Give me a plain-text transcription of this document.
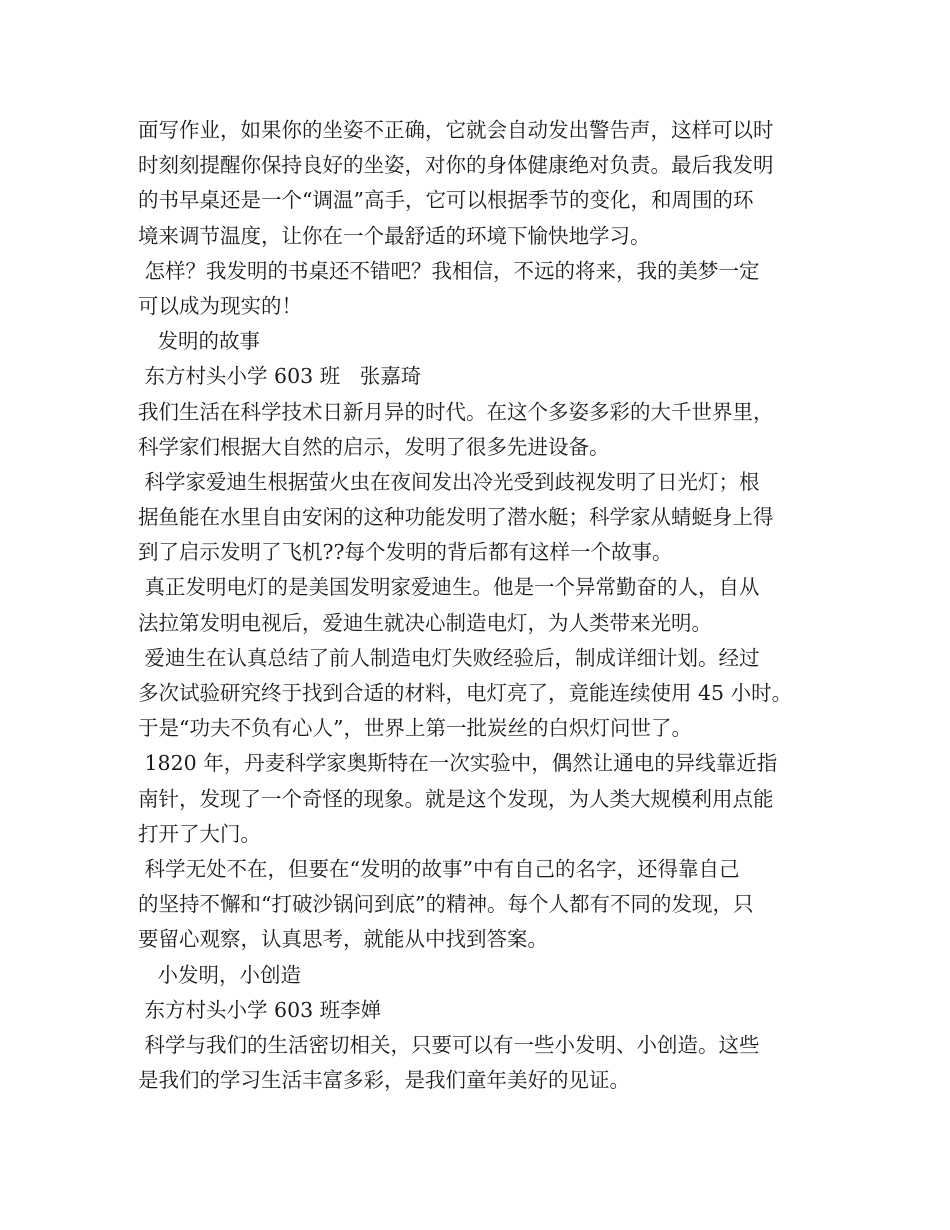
面写作业，如果你的坐姿不正确，它就会自动发出警告声，这样可以时
时刻刻提醒你保持良好的坐姿，对你的身体健康绝对负责。最后我发明
的书早桌还是一个“调温”高手，它可以根据季节的变化，和周围的环
境来调节温度，让你在一个最舒适的环境下愉快地学习。
怎样？我发明的书桌还不错吧？我相信，不远的将来，我的美梦一定
可以成为现实的！
发明的故事
东方村头小学 603 班   张嘉琦
我们生活在科学技术日新月异的时代。在这个多姿多彩的大千世界里，
科学家们根据大自然的启示，发明了很多先进设备。
科学家爱迪生根据萤火虫在夜间发出冷光受到歧视发明了日光灯；根
据鱼能在水里自由安闲的这种功能发明了潜水艇；科学家从蜻蜓身上得
到了启示发明了飞机??每个发明的背后都有这样一个故事。
真正发明电灯的是美国发明家爱迪生。他是一个异常勤奋的人，自从
法拉第发明电视后，爱迪生就决心制造电灯，为人类带来光明。
爱迪生在认真总结了前人制造电灯失败经验后，制成详细计划。经过
多次试验研究终于找到合适的材料，电灯亮了，竟能连续使用 45 小时。
于是“功夫不负有心人”，世界上第一批炭丝的白炽灯问世了。
1820 年，丹麦科学家奥斯特在一次实验中，偶然让通电的异线靠近指
南针，发现了一个奇怪的现象。就是这个发现，为人类大规模利用点能
打开了大门。
科学无处不在，但要在“发明的故事”中有自己的名字，还得靠自己
的坚持不懈和“打破沙锅问到底”的精神。每个人都有不同的发现，只
要留心观察，认真思考，就能从中找到答案。
小发明，小创造
东方村头小学 603 班李婵
科学与我们的生活密切相关，只要可以有一些小发明、小创造。这些
是我们的学习生活丰富多彩，是我们童年美好的见证。
